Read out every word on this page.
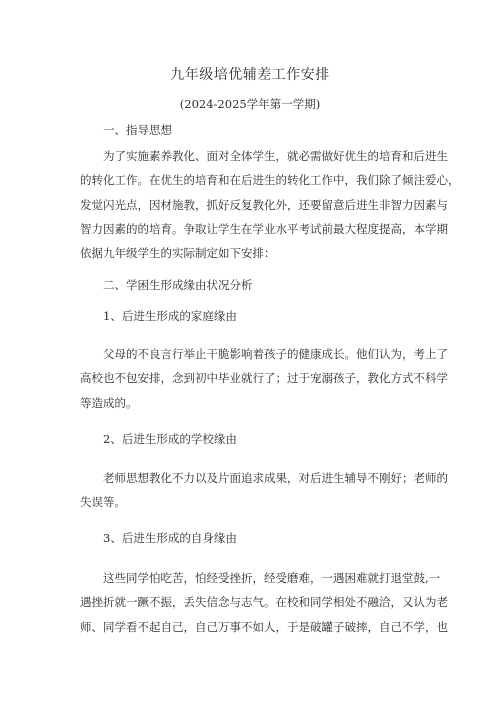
九年级培优辅差工作安排
(2024-2025学年第一学期)
一、指导思想
为了实施素养教化、面对全体学生，就必需做好优生的培育和后进生
的转化工作。在优生的培育和在后进生的转化工作中，我们除了倾注爱心，
发觉闪光点，因材施教，抓好反复教化外，还要留意后进生非智力因素与
智力因素的的培育。争取让学生在学业水平考试前最大程度提高，本学期
依据九年级学生的实际制定如下安排：
二、学困生形成缘由状况分析
1、后进生形成的家庭缘由
父母的不良言行举止干脆影响着孩子的健康成长。他们认为，考上了
高校也不包安排，念到初中毕业就行了；过于宠溺孩子，教化方式不科学
等造成的。
2、后进生形成的学校缘由
老师思想教化不力以及片面追求成果，对后进生辅导不刚好；老师的
失误等。
3、后进生形成的自身缘由
这些同学怕吃苦，怕经受挫折，经受磨难，一遇困难就打退堂鼓,一
遇挫折就一蹶不振，丢失信念与志气。在校和同学相处不融洽，又认为老
师、同学看不起自己，自己万事不如人，于是破罐子破摔，自己不学，也
